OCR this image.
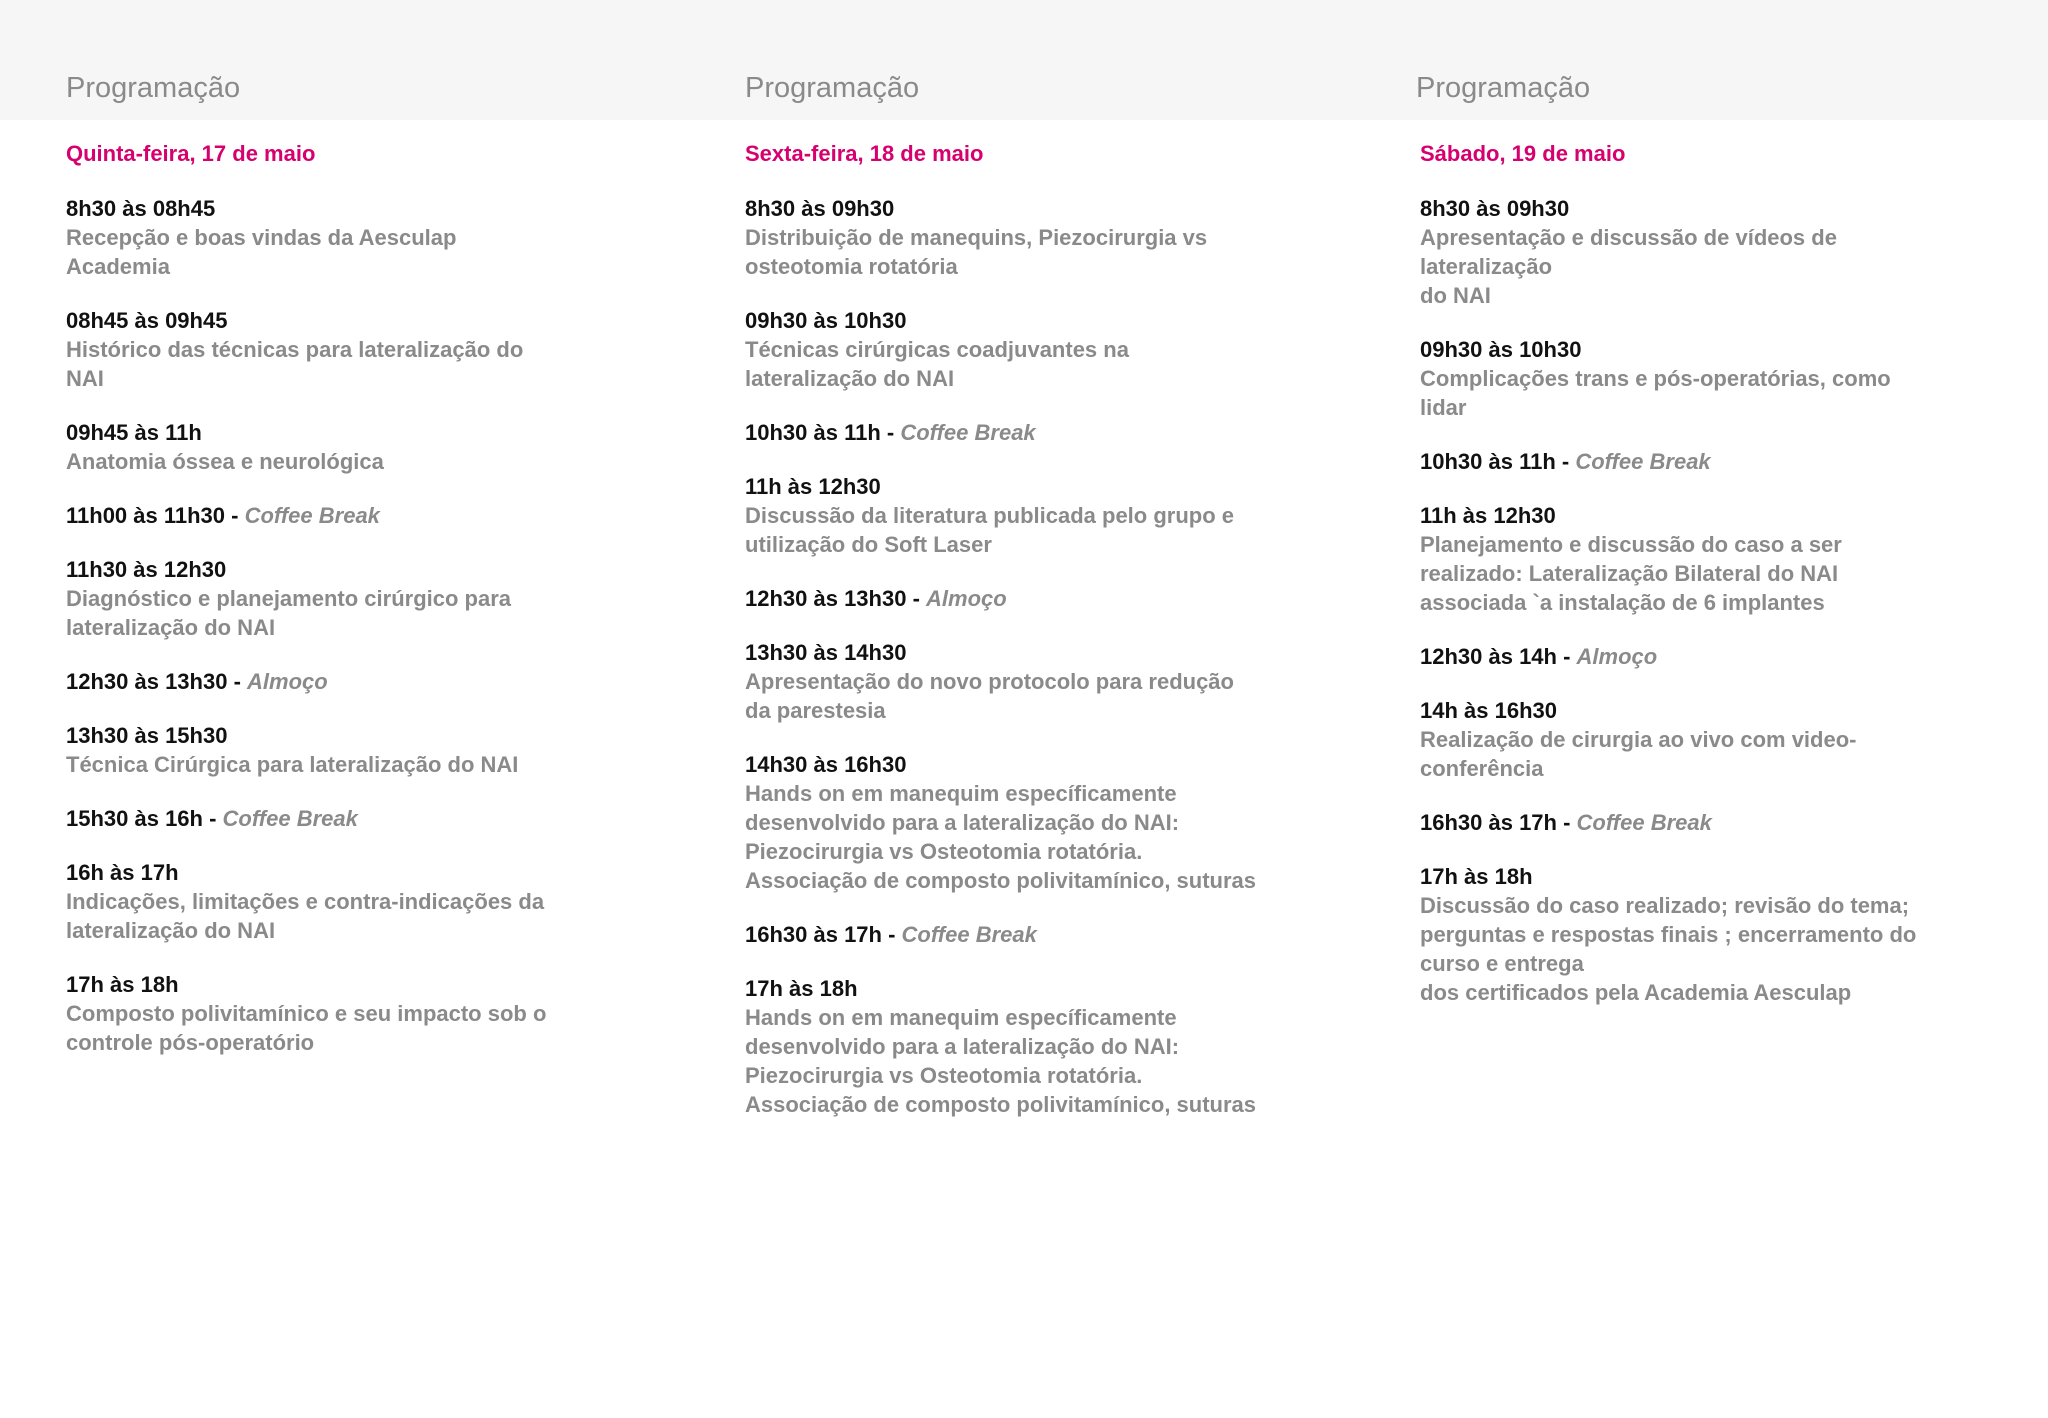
Programação
Quinta-feira, 17 de maio
8h30 às 08h45
Recepção e boas vindas da Aesculap
Academia
08h45 às 09h45
Histórico das técnicas para lateralização do
NAI
09h45 às 11h
Anatomia óssea e neurológica
11h00 às 11h30 - Coffee Break
11h30 às 12h30
Diagnóstico e planejamento cirúrgico para
lateralização do NAI
12h30 às 13h30 - Almoço
13h30 às 15h30
Técnica Cirúrgica para lateralização do NAI
15h30 às 16h - Coffee Break
16h às 17h
Indicações, limitações e contra-indicações da
lateralização do NAI
17h às 18h
Composto polivitamínico e seu impacto sob o
controle pós-operatório
Programação
Sexta-feira, 18 de maio
8h30 às 09h30
Distribuição de manequins, Piezocirurgia vs
osteotomia rotatória
09h30 às 10h30
Técnicas cirúrgicas coadjuvantes na
lateralização do NAI
10h30 às 11h - Coffee Break
11h às 12h30
Discussão da literatura publicada pelo grupo e
utilização do Soft Laser
12h30 às 13h30 - Almoço
13h30 às 14h30
Apresentação do novo protocolo para redução
da parestesia
14h30 às 16h30
Hands on em manequim específicamente
desenvolvido para a lateralização do NAI:
Piezocirurgia vs Osteotomia rotatória.
Associação de composto polivitamínico, suturas
16h30 às 17h - Coffee Break
17h às 18h
Hands on em manequim específicamente
desenvolvido para a lateralização do NAI:
Piezocirurgia vs Osteotomia rotatória.
Associação de composto polivitamínico, suturas
Programação
Sábado, 19 de maio
8h30 às 09h30
Apresentação e discussão de vídeos de
lateralização
do NAI
09h30 às 10h30
Complicações trans e pós-operatórias, como
lidar
10h30 às 11h - Coffee Break
11h às 12h30
Planejamento e discussão do caso a ser
realizado: Lateralização Bilateral do NAI
associada `a instalação de 6 implantes
12h30 às 14h - Almoço
14h às 16h30
Realização de cirurgia ao vivo com video-
conferência
16h30 às 17h - Coffee Break
17h às 18h
Discussão do caso realizado; revisão do tema;
perguntas e respostas finais ; encerramento do
curso e entrega
dos certificados pela Academia Aesculap
